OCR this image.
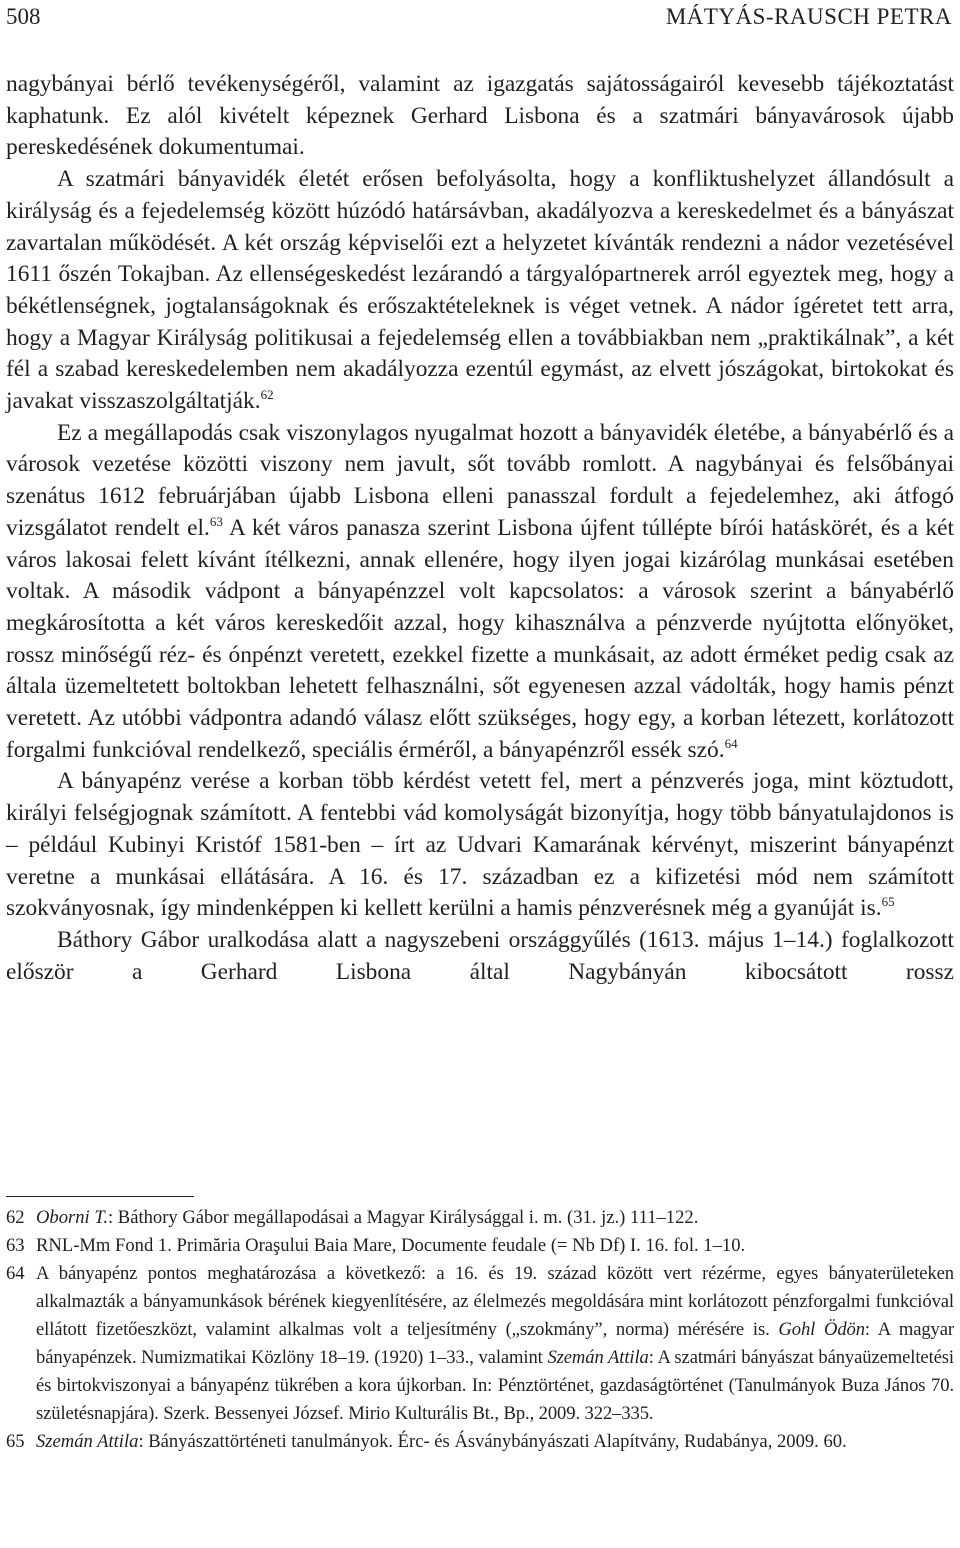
508	MÁTYÁS-RAUSCH PETRA

nagybányai bérlő tevékenységéről, valamint az igazgatás sajátosságairól kevesebb tájékoztatást kaphatunk. Ez alól kivételt képeznek Gerhard Lisbona és a szatmári bányavárosok újabb pereskedésének dokumentumai.

A szatmári bányavidék életét erősen befolyásolta, hogy a konfliktushelyzet állandósult a királyság és a fejedelemség között húzódó határsávban, akadályozva a kereskedelmet és a bányászat zavartalan működését. A két ország képviselői ezt a helyzetet kívánták rendezni a nádor vezetésével 1611 őszén Tokajban. Az ellenségeskedést lezárandó a tárgyalópartnerek arról egyeztek meg, hogy a békétlenségnek, jogtalanságoknak és erőszaktételeknek is véget vetnek. A nádor ígéretet tett arra, hogy a Magyar Királyság politikusai a fejedelemség ellen a továbbiakban nem „praktikálnak”, a két fél a szabad kereskedelemben nem akadályozza ezentúl egymást, az elvett jószágokat, birtokokat és javakat visszaszolgáltatják.$^{62}$

Ez a megállapodás csak viszonylagos nyugalmat hozott a bányavidék életébe, a bányabérlő és a városok vezetése közötti viszony nem javult, sőt tovább romlott. A nagybányai és felsőbányai szenátus 1612 februárjában újabb Lisbona elleni panasszal fordult a fejedelemhez, aki átfogó vizsgálatot rendelt el.$^{63}$ A két város panasza szerint Lisbona újfent túllépte bírói hatáskörét, és a két város lakosai felett kívánt ítélkezni, annak ellenére, hogy ilyen jogai kizárólag munkásai esetében voltak. A második vádpont a bányapénzzel volt kapcsolatos: a városok szerint a bányabérlő megkárosította a két város kereskedőit azzal, hogy kihasználva a pénzverde nyújtotta előnyöket, rossz minőségű réz- és ónpénzt veretett, ezekkel fizette a munkásait, az adott érméket pedig csak az általa üzemeltetett boltokban lehetett felhasználni, sőt egyenesen azzal vádolták, hogy hamis pénzt veretett. Az utóbbi vádpontra adandó válasz előtt szükséges, hogy egy, a korban létezett, korlátozott forgalmi funkcióval rendelkező, speciális érméről, a bányapénzről essék szó.$^{64}$

A bányapénz verése a korban több kérdést vetett fel, mert a pénzverés joga, mint köztudott, királyi felségjognak számított. A fentebbi vád komolyságát bizonyítja, hogy több bányatulajdonos is – például Kubinyi Kristóf 1581-ben – írt az Udvari Kamarának kérvényt, miszerint bányapénzt veretne a munkásai ellátására. A 16. és 17. században ez a kifizetési mód nem számított szokványosnak, így mindenképpen ki kellett kerülni a hamis pénzverésnek még a gyanúját is.$^{65}$

Báthory Gábor uralkodása alatt a nagyszebeni országgyűlés (1613. május 1–14.) foglalkozott először a Gerhard Lisbona által Nagybányán kibocsátott rossz

62 Oborni T.: Báthory Gábor megállapodásai a Magyar Királysággal i. m. (31. jz.) 111–122.
63 RNL-Mm Fond 1. Primăria Oraşului Baia Mare, Documente feudale (= Nb Df) I. 16. fol. 1–10.
64 A bányapénz pontos meghatározása a következő: a 16. és 19. század között vert rézérme, egyes bányaterületeken alkalmazták a bányamunkások bérének kiegyenlítésére, az élelmezés megoldására mint korlátozott pénzforgalmi funkcióval ellátott fizetőeszközt, valamint alkalmas volt a teljesítmény („szokmány”, norma) mérésére is. Gohl Ödön: A magyar bányapénzek. Numizmatikai Közlöny 18–19. (1920) 1–33., valamint Szemán Attila: A szatmári bányászat bányaüzemeltetési és birtokviszonyai a bányapénz tükrében a kora újkorban. In: Pénztörténet, gazdaságtörténet (Tanulmányok Buza János 70. születésnapjára). Szerk. Bessenyei József. Mirio Kulturális Bt., Bp., 2009. 322–335.
65 Szemán Attila: Bányászattörténeti tanulmányok. Érc- és Ásványbányászati Alapítvány, Rudabánya, 2009. 60.
